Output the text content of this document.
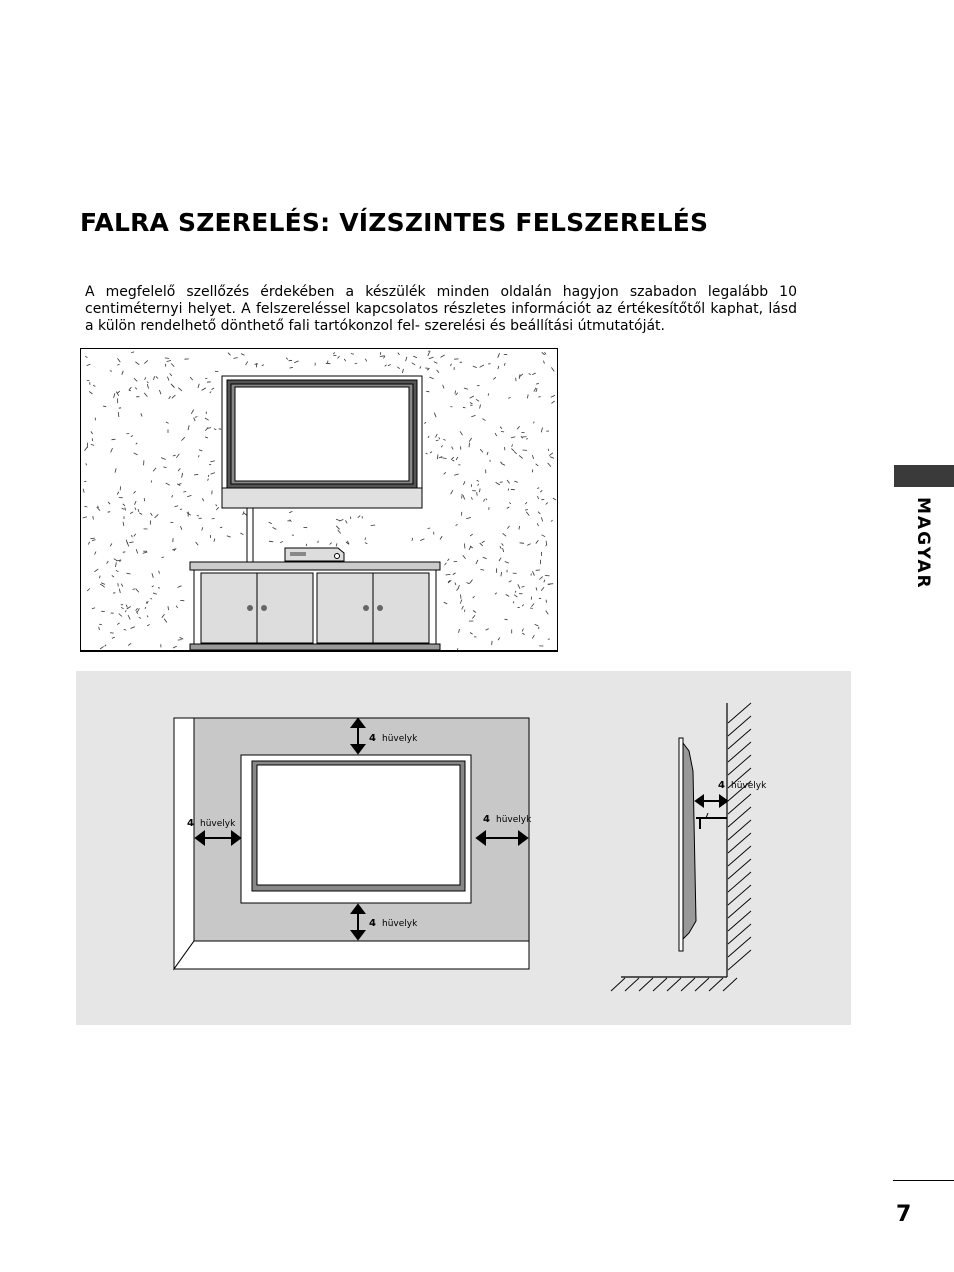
FALRA SZERELÉS: VÍZSZINTES FELSZERELÉS

A megfelelő szellőzés érdekében a készülék minden oldalán hagyjon szabadon legalább 10 centiméternyi helyet. A felszereléssel kapcsolatos részletes információt az értékesítőtől kaphat, lásd a külön rendelhető dönthető fali tartókonzol fel- szerelési és beállítási útmutatóját.

4 hüvelyk
4 hüvelyk
4 hüvelyk	4 hüvelyk
4 hüvelyk
MAGYAR
7
